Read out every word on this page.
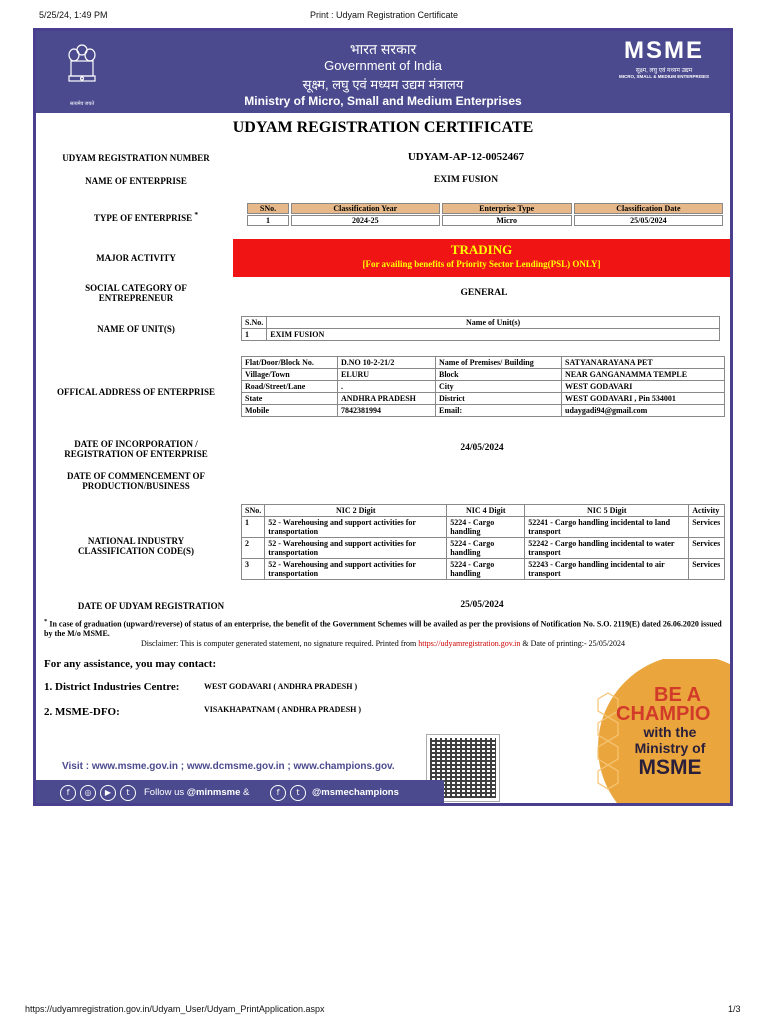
5/25/24, 1:49 PM	Print : Udyam Registration Certificate
सत्यमेव जयते
भारत सरकार
Government of India
सूक्ष्म, लघु एवं मध्यम उद्यम मंत्रालय
Ministry of Micro, Small and Medium Enterprises
MSME
सूक्ष्म, लघु एवं मध्यम उद्यम
MICRO, SMALL & MEDIUM ENTERPRISES
UDYAM REGISTRATION CERTIFICATE
UDYAM REGISTRATION NUMBER	UDYAM-AP-12-0052467
NAME OF ENTERPRISE	EXIM FUSION
TYPE OF ENTERPRISE *
SNo.	Classification Year	Enterprise Type	Classification Date
1	2024-25	Micro	25/05/2024
MAJOR ACTIVITY
TRADING
[For availing benefits of Priority Sector Lending(PSL) ONLY]
SOCIAL CATEGORY OF
ENTREPRENEUR	GENERAL
NAME OF UNIT(S)
S.No.	Name of Unit(s)
1	EXIM FUSION
OFFICAL ADDRESS OF ENTERPRISE
Flat/Door/Block No.	D.NO 10-2-21/2	Name of Premises/ Building	SATYANARAYANA PET
Village/Town	ELURU	Block	NEAR GANGANAMMA TEMPLE
Road/Street/Lane	.	City	WEST GODAVARI
State	ANDHRA PRADESH	District	WEST GODAVARI , Pin 534001
Mobile	7842381994	Email:	udaygadi94@gmail.com
DATE OF INCORPORATION /
REGISTRATION OF ENTERPRISE
24/05/2024
DATE OF COMMENCEMENT OF
PRODUCTION/BUSINESS
NATIONAL INDUSTRY
CLASSIFICATION CODE(S)
SNo.	NIC 2 Digit	NIC 4 Digit	NIC 5 Digit	Activity
1	52 - Warehousing and support activities for transportation	5224 - Cargo handling	52241 - Cargo handling incidental to land transport	Services
2	52 - Warehousing and support activities for transportation	5224 - Cargo handling	52242 - Cargo handling incidental to water transport	Services
3	52 - Warehousing and support activities for transportation	5224 - Cargo handling	52243 - Cargo handling incidental to air transport	Services
DATE OF UDYAM REGISTRATION	25/05/2024
* In case of graduation (upward/reverse) of status of an enterprise, the benefit of the Government Schemes will be availed as per the provisions of Notification No. S.O. 2119(E) dated 26.06.2020 issued by the M/o MSME.
Disclaimer: This is computer generated statement, no signature required. Printed from https://udyamregistration.gov.in & Date of printing:- 25/05/2024
For any assistance, you may contact:
1. District Industries Centre:	WEST GODAVARI ( ANDHRA PRADESH )
2. MSME-DFO:	VISAKHAPATNAM ( ANDHRA PRADESH )
BE A
CHAMPIO
with the
Ministry of
MSME
Visit : www.msme.gov.in ; www.dcmsme.gov.in ; www.champions.gov.
f	◎	▶	t	Follow us @minmsme &	f	t	@msmechampions
https://udyamregistration.gov.in/Udyam_User/Udyam_PrintApplication.aspx	1/3
